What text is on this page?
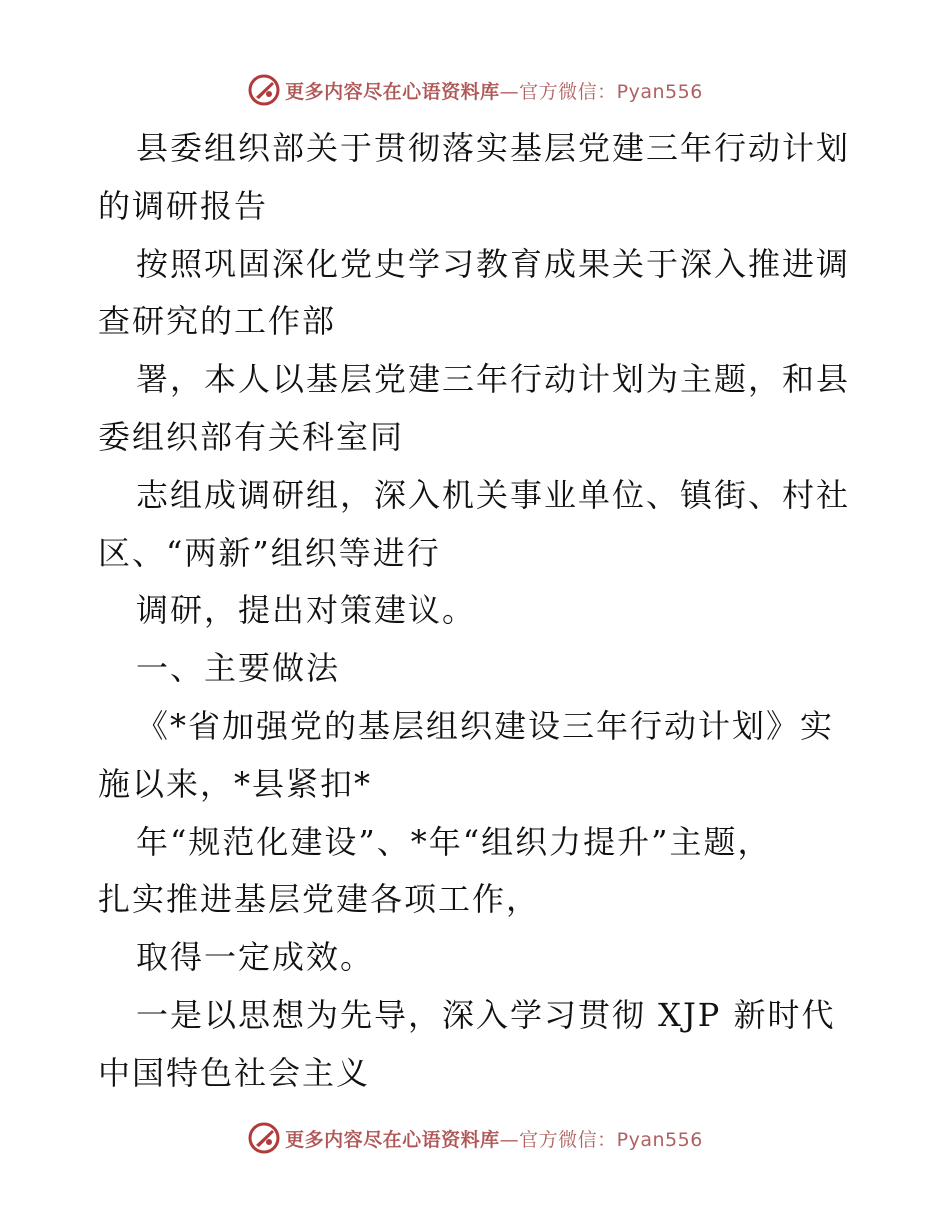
更多内容尽在心语资料库—官方微信：Pyan556
县委组织部关于贯彻落实基层党建三年行动计划
的调研报告
按照巩固深化党史学习教育成果关于深入推进调
查研究的工作部
署，本人以基层党建三年行动计划为主题，和县
委组织部有关科室同
志组成调研组，深入机关事业单位、镇街、村社
区、“两新”组织等进行
调研，提出对策建议。
一、主要做法
《*省加强党的基层组织建设三年行动计划》实
施以来，*县紧扣*
年“规范化建设”、*年“组织力提升”主题，
扎实推进基层党建各项工作，
取得一定成效。
一是以思想为先导，深入学习贯彻 XJP 新时代
中国特色社会主义
更多内容尽在心语资料库—官方微信：Pyan556
